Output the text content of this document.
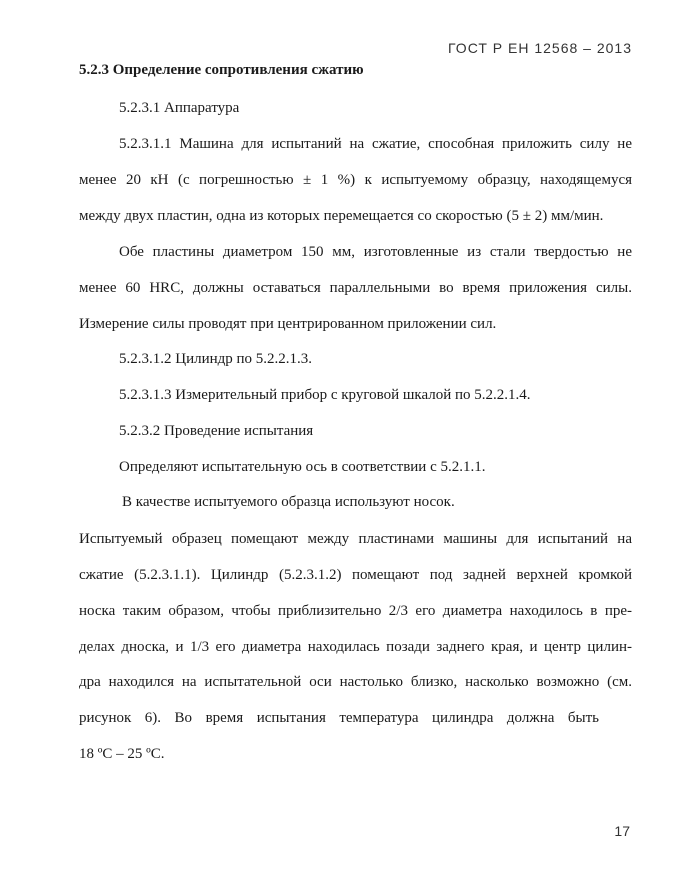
ГОСТ Р ЕН 12568 – 2013
5.2.3 Определение сопротивления сжатию
5.2.3.1 Аппаратура
5.2.3.1.1 Машина для испытаний на сжатие, способная приложить силу не
менее 20 кН (с погрешностью ± 1 %) к испытуемому образцу, находящемуся
между двух пластин, одна из которых перемещается со скоростью (5 ± 2) мм/мин.
Обе пластины диаметром 150 мм, изготовленные из стали твердостью не
менее 60 HRC, должны оставаться параллельными во время приложения силы.
Измерение силы проводят при центрированном приложении сил.
5.2.3.1.2 Цилиндр по 5.2.2.1.3.
5.2.3.1.3 Измерительный прибор с круговой шкалой по 5.2.2.1.4.
5.2.3.2 Проведение испытания
Определяют испытательную ось в соответствии с 5.2.1.1.
В качестве испытуемого образца используют носок.
Испытуемый образец помещают между пластинами машины для испытаний на
сжатие (5.2.3.1.1). Цилиндр (5.2.3.1.2) помещают под задней верхней кромкой
носка таким образом, чтобы приблизительно 2/3 его диаметра находилось в пре-
делах дноска, и 1/3 его диаметра находилась позади заднего края, и центр цилин-
дра находился на испытательной оси настолько близко, насколько возможно (см.
рисунок 6). Во время испытания температура цилиндра должна быть
18 ºС – 25 ºС.
17
